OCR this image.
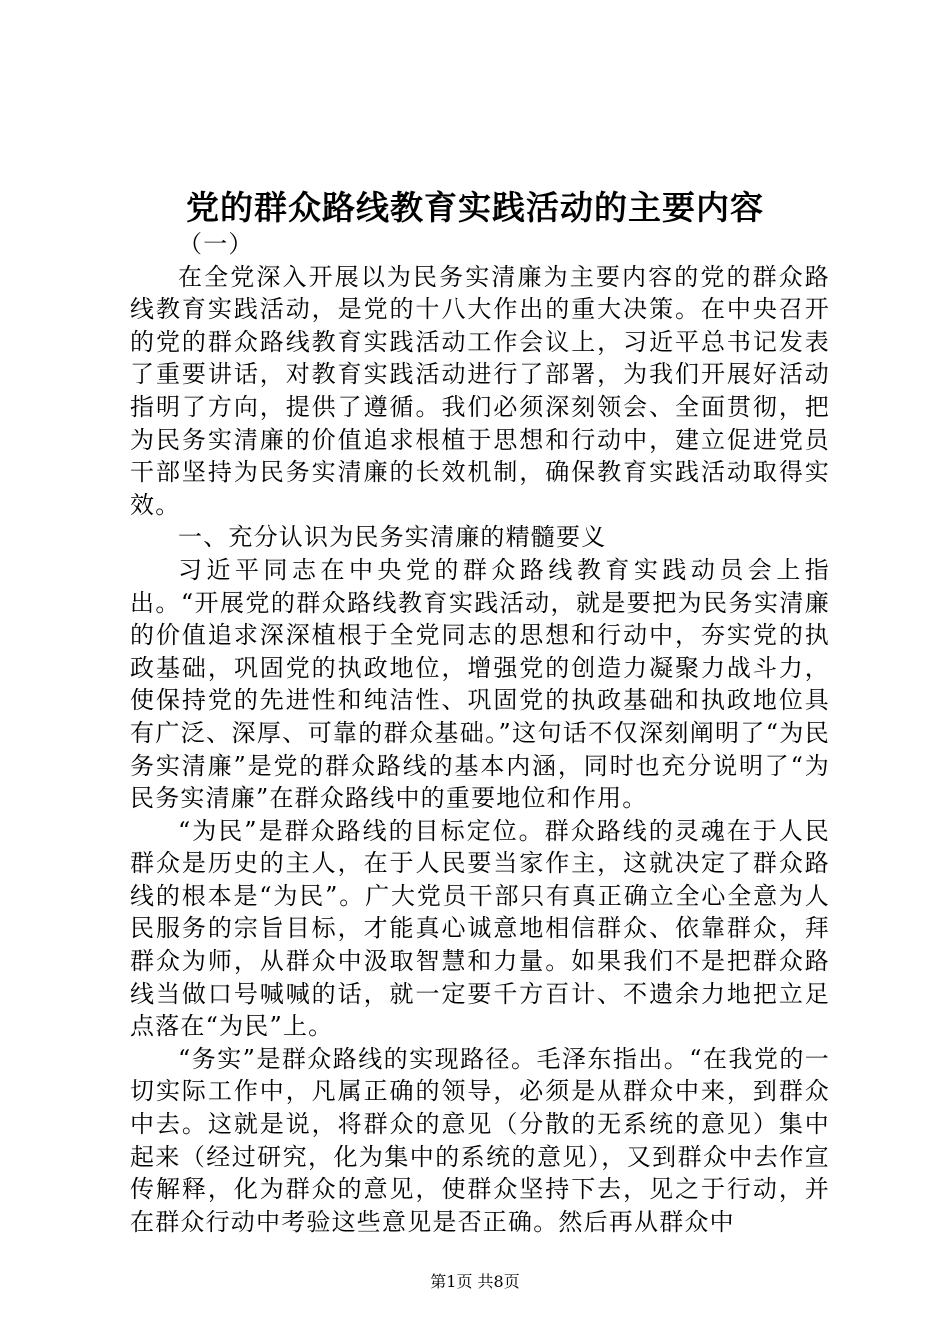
党的群众路线教育实践活动的主要内容

（一）

在全党深入开展以为民务实清廉为主要内容的党的群众路线教育实践活动，是党的十八大作出的重大决策。在中央召开的党的群众路线教育实践活动工作会议上，习近平总书记发表了重要讲话，对教育实践活动进行了部署，为我们开展好活动指明了方向，提供了遵循。我们必须深刻领会、全面贯彻，把为民务实清廉的价值追求根植于思想和行动中，建立促进党员干部坚持为民务实清廉的长效机制，确保教育实践活动取得实效。

一、充分认识为民务实清廉的精髓要义

习近平同志在中央党的群众路线教育实践动员会上指出。“开展党的群众路线教育实践活动，就是要把为民务实清廉的价值追求深深植根于全党同志的思想和行动中，夯实党的执政基础，巩固党的执政地位，增强党的创造力凝聚力战斗力，使保持党的先进性和纯洁性、巩固党的执政基础和执政地位具有广泛、深厚、可靠的群众基础。”这句话不仅深刻阐明了“为民务实清廉”是党的群众路线的基本内涵，同时也充分说明了“为民务实清廉”在群众路线中的重要地位和作用。

“为民”是群众路线的目标定位。群众路线的灵魂在于人民群众是历史的主人，在于人民要当家作主，这就决定了群众路线的根本是“为民”。广大党员干部只有真正确立全心全意为人民服务的宗旨目标，才能真心诚意地相信群众、依靠群众，拜群众为师，从群众中汲取智慧和力量。如果我们不是把群众路线当做口号喊喊的话，就一定要千方百计、不遗余力地把立足点落在“为民”上。

“务实”是群众路线的实现路径。毛泽东指出。“在我党的一切实际工作中，凡属正确的领导，必须是从群众中来，到群众中去。这就是说，将群众的意见（分散的无系统的意见）集中起来（经过研究，化为集中的系统的意见），又到群众中去作宣传解释，化为群众的意见，使群众坚持下去，见之于行动，并在群众行动中考验这些意见是否正确。然后再从群众中

第1页 共8页
